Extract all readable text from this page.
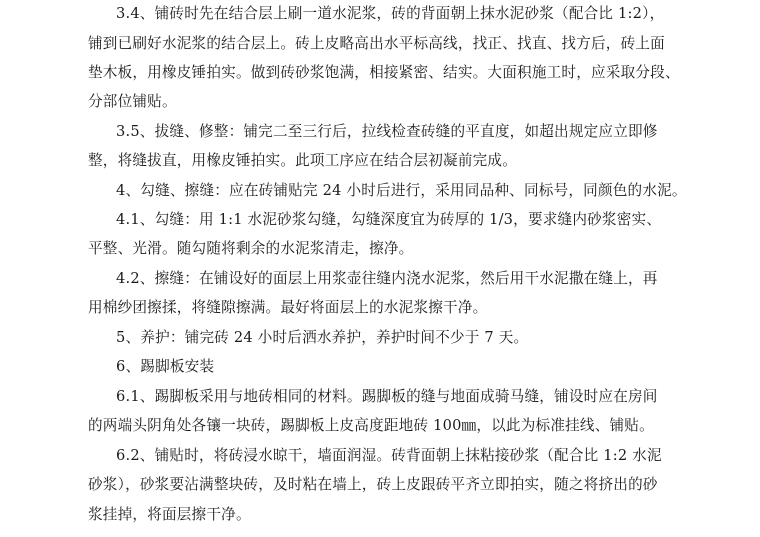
3.4、铺砖时先在结合层上刷一道水泥浆，砖的背面朝上抹水泥砂浆（配合比 1:2），
铺到已刷好水泥浆的结合层上。砖上皮略高出水平标高线，找正、找直、找方后，砖上面
垫木板，用橡皮锤拍实。做到砖砂浆饱满，相接紧密、结实。大面积施工时，应采取分段、
分部位铺贴。
3.5、拔缝、修整：铺完二至三行后，拉线检查砖缝的平直度，如超出规定应立即修
整，将缝拔直，用橡皮锤拍实。此项工序应在结合层初凝前完成。
4、勾缝、擦缝：应在砖铺贴完 24 小时后进行，采用同品种、同标号，同颜色的水泥。
4.1、勾缝：用 1:1 水泥砂浆勾缝，勾缝深度宜为砖厚的 1/3，要求缝内砂浆密实、
平整、光滑。随勾随将剩余的水泥浆清走，擦净。
4.2、擦缝：在铺设好的面层上用浆壶往缝内浇水泥浆，然后用干水泥撒在缝上，再
用棉纱团擦揉，将缝隙擦满。最好将面层上的水泥浆擦干净。
5、养护：铺完砖 24 小时后洒水养护，养护时间不少于 7 天。
6、踢脚板安装
6.1、踢脚板采用与地砖相同的材料。踢脚板的缝与地面成骑马缝，铺设时应在房间
的两端头阴角处各镶一块砖，踢脚板上皮高度距地砖 100㎜，以此为标准挂线、铺贴。
6.2、铺贴时，将砖浸水晾干，墙面润湿。砖背面朝上抹粘接砂浆（配合比 1:2 水泥
砂浆），砂浆要沾满整块砖，及时粘在墙上，砖上皮跟砖平齐立即拍实，随之将挤出的砂
浆挂掉，将面层擦干净。
